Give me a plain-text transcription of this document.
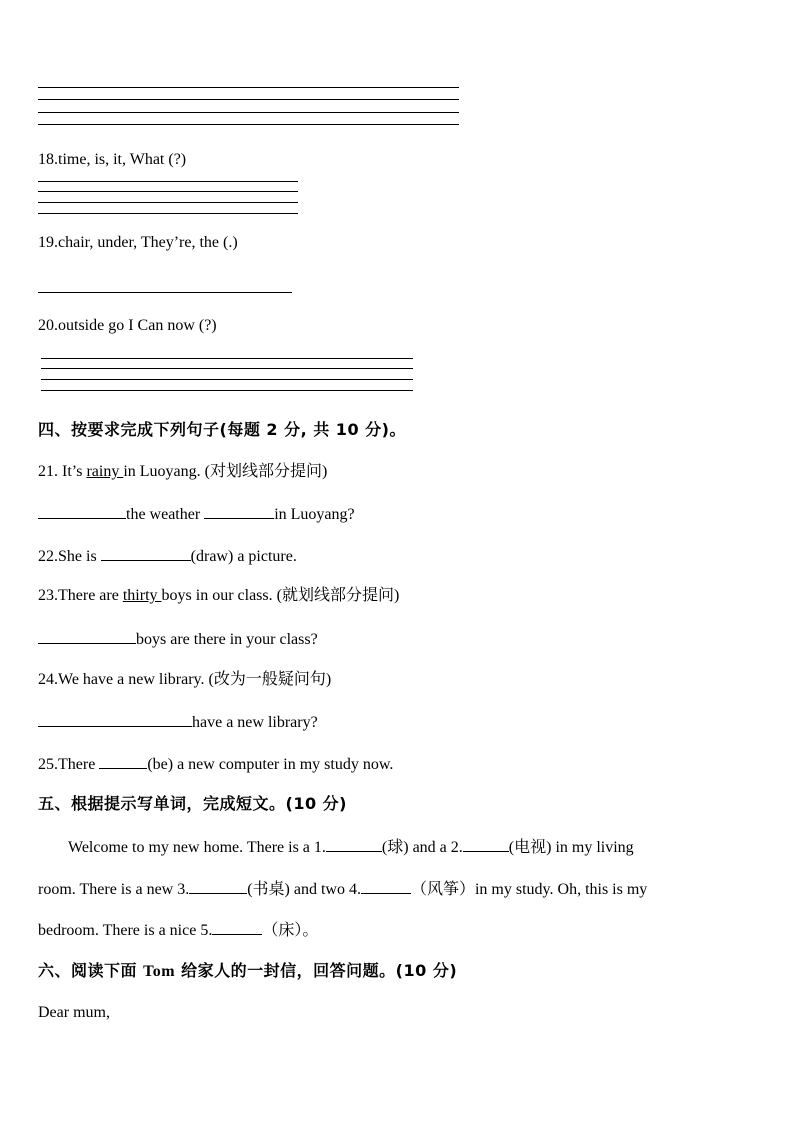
18.time, is, it, What (?)
19.chair, under, They’re, the (.)
20.outside go I Can now (?)
四、按要求完成下列句子(每题 2 分, 共 10 分)。
21. It’s rainy in Luoyang. (对划线部分提问)
the weather	in Luoyang?
22.She is	(draw) a picture.
23.There are thirty boys in our class. (就划线部分提问)
boys are there in your class?
24.We have a new library. (改为一般疑问句)
have a new library?
25.There	(be) a new computer in my study now.
五、根据提示写单词，完成短文。(10 分)
Welcome to my new home. There is a 1.	(球) and a 2.	(电视) in my living
room. There is a new 3.	(书桌) and two 4.	（风筝）in my study. Oh, this is my
bedroom. There is a nice 5.	（床）。
六、阅读下面 Tom 给家人的一封信，回答问题。(10 分)
Dear mum,
